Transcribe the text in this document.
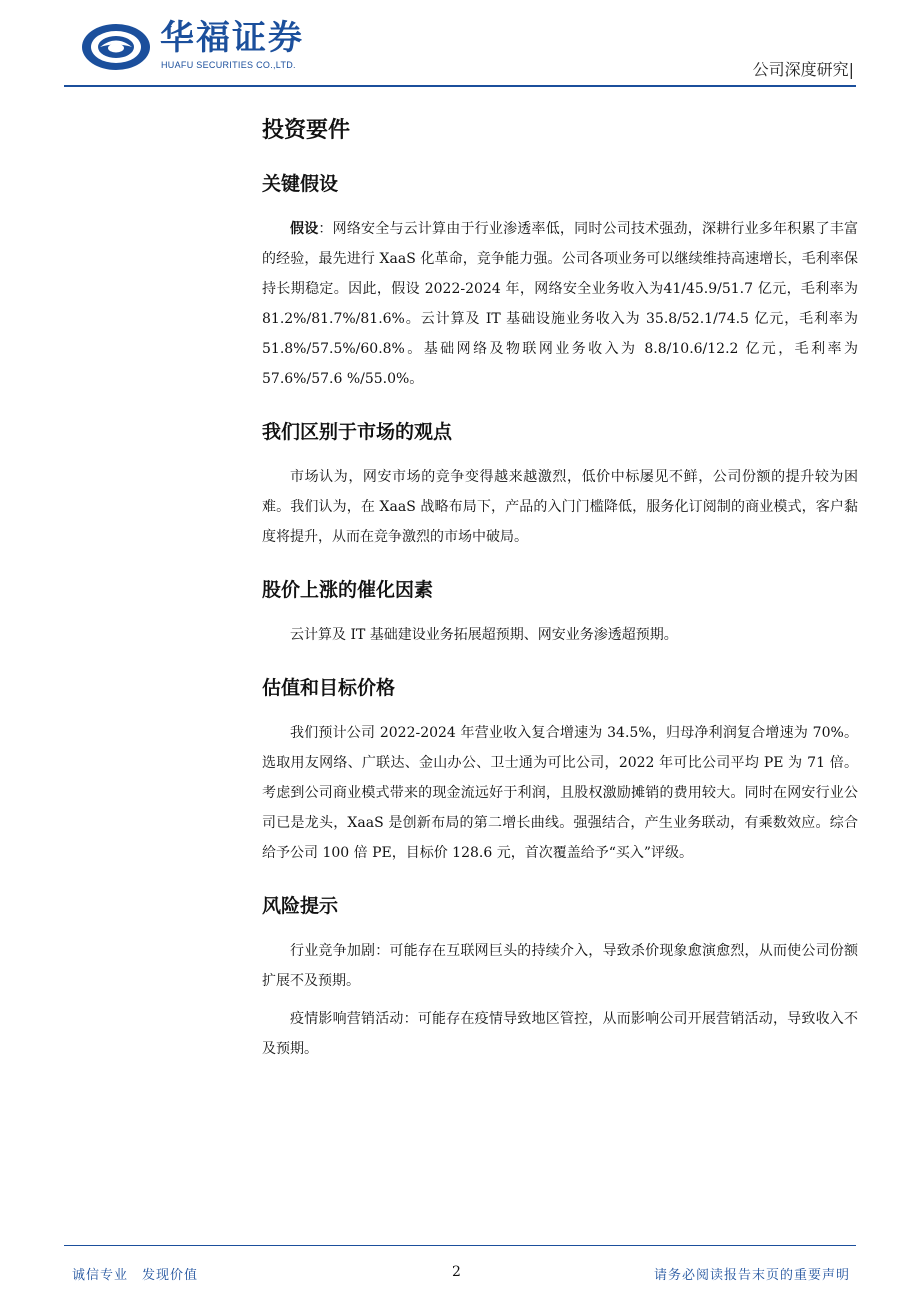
华福证券
HUAFU SECURITIES CO.,LTD.	公司深度研究|
投资要件
关键假设

假设：网络安全与云计算由于行业渗透率低，同时公司技术强劲，深耕行业多年积累了丰富的经验，最先进行 XaaS 化革命，竞争能力强。公司各项业务可以继续维持高速增长，毛利率保持长期稳定。因此，假设 2022-2024 年，网络安全业务收入为41/45.9/51.7 亿元，毛利率为 81.2%/81.7%/81.6%。云计算及 IT 基础设施业务收入为 35.8/52.1/74.5 亿元，毛利率为 51.8%/57.5%/60.8%。基础网络及物联网业务收入为 8.8/10.6/12.2 亿元，毛利率为 57.6%/57.6 %/55.0%。

我们区别于市场的观点

市场认为，网安市场的竞争变得越来越激烈，低价中标屡见不鲜，公司份额的提升较为困难。我们认为，在 XaaS 战略布局下，产品的入门门槛降低，服务化订阅制的商业模式，客户黏度将提升，从而在竞争激烈的市场中破局。

股价上涨的催化因素

云计算及 IT 基础建设业务拓展超预期、网安业务渗透超预期。

估值和目标价格

我们预计公司 2022-2024 年营业收入复合增速为 34.5%，归母净利润复合增速为 70%。选取用友网络、广联达、金山办公、卫士通为可比公司，2022 年可比公司平均 PE 为 71 倍。考虑到公司商业模式带来的现金流远好于利润，且股权激励摊销的费用较大。同时在网安行业公司已是龙头，XaaS 是创新布局的第二增长曲线。强强结合，产生业务联动，有乘数效应。综合给予公司 100 倍 PE，目标价 128.6 元，首次覆盖给予“买入”评级。

风险提示

行业竞争加剧：可能存在互联网巨头的持续介入，导致杀价现象愈演愈烈，从而使公司份额扩展不及预期。

疫情影响营销活动：可能存在疫情导致地区管控，从而影响公司开展营销活动，导致收入不及预期。

诚信专业　发现价值	2	请务必阅读报告末页的重要声明
